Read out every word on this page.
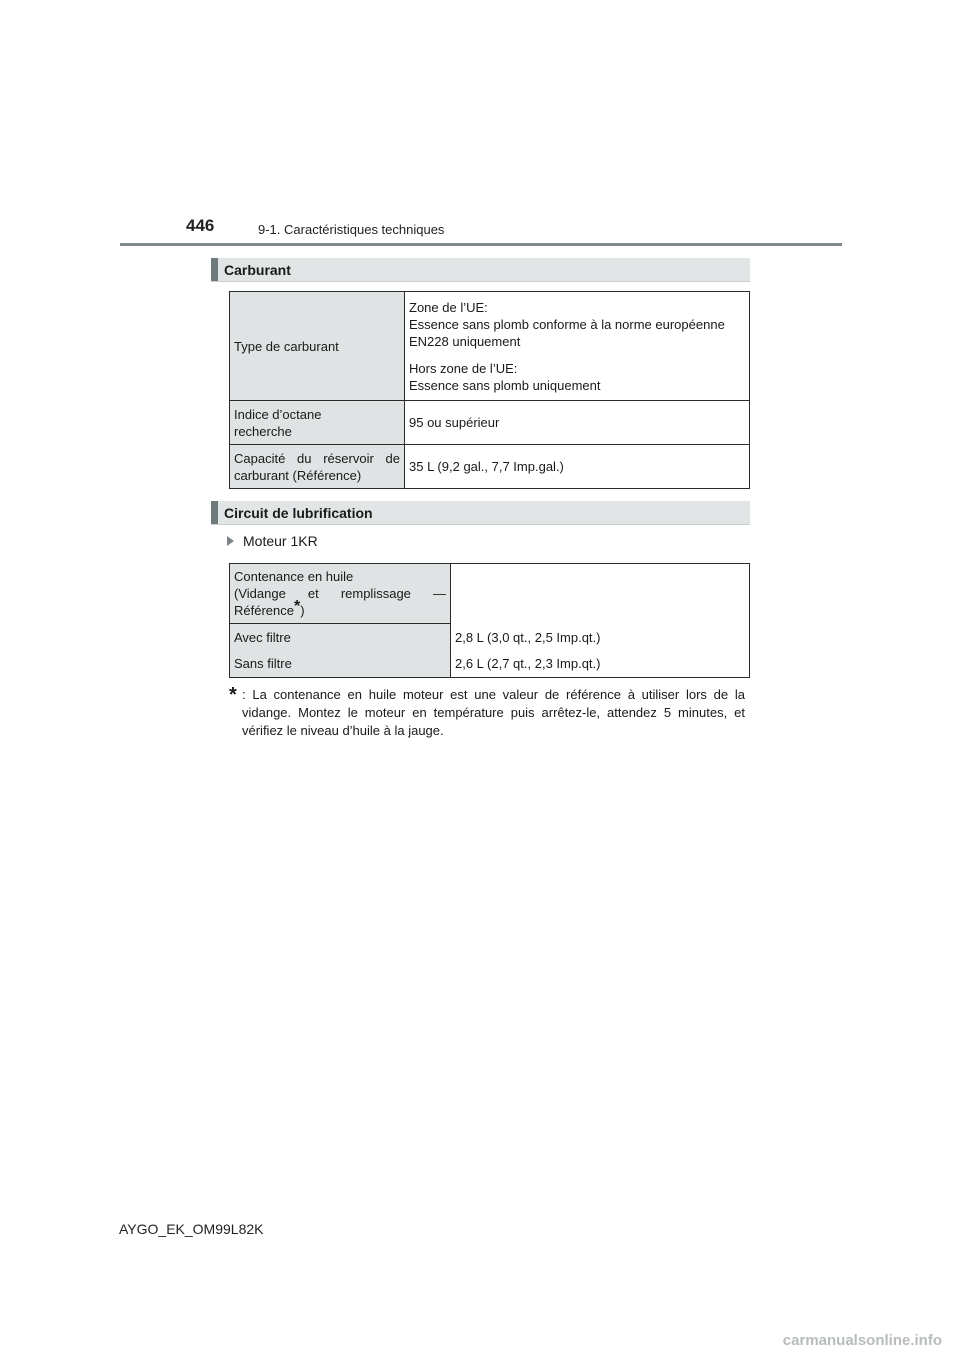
446	9-1. Caractéristiques techniques
Carburant
Type de carburant	Zone de l’UE:
Essence sans plomb conforme à la norme européenne
EN228 uniquement

Hors zone de l’UE:
Essence sans plomb uniquement

Indice d’octane
recherche	95 ou supérieur

Capacité du réservoir de
carburant (Référence)	35 L (9,2 gal., 7,7 Imp.gal.)
Circuit de lubrification
Moteur 1KR
Contenance en huile
(Vidange et remplissage —
Référence*)	

Avec filtre	2,8 L (3,0 qt., 2,5 Imp.qt.)
Sans filtre	2,6 L (2,7 qt., 2,3 Imp.qt.)
* : La contenance en huile moteur est une valeur de référence à utiliser lors de la vidange. Montez le moteur en température puis arrêtez-le, attendez 5 minutes, et vérifiez le niveau d’huile à la jauge.
AYGO_EK_OM99L82K
carmanualsonline.info
